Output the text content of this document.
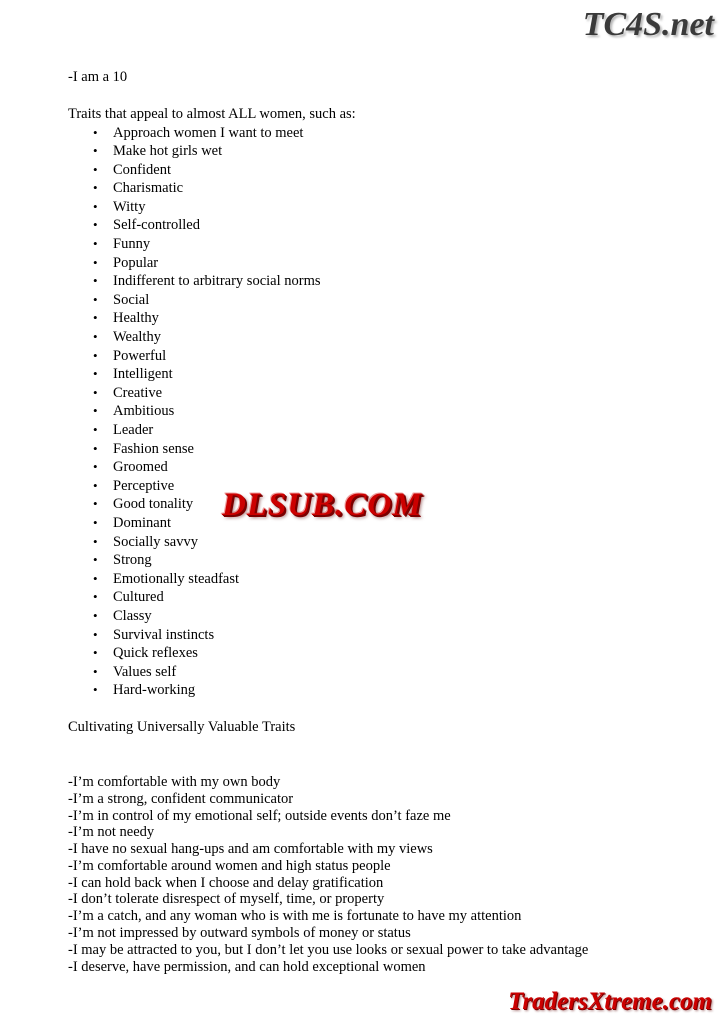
TC4S.net
-I am a 10
Traits that appeal to almost ALL women, such as:
• Approach women I want to meet
• Make hot girls wet
• Confident
• Charismatic
• Witty
• Self-controlled
• Funny
• Popular
• Indifferent to arbitrary social norms
• Social
• Healthy
• Wealthy
• Powerful
• Intelligent
• Creative
• Ambitious
• Leader
• Fashion sense
• Groomed
• Perceptive
• Good tonality
• Dominant
• Socially savvy
• Strong
• Emotionally steadfast
• Cultured
• Classy
• Survival instincts
• Quick reflexes
• Values self
• Hard-working
Cultivating Universally Valuable Traits
-I’m comfortable with my own body
-I’m a strong, confident communicator
-I’m in control of my emotional self; outside events don’t faze me
-I’m not needy
-I have no sexual hang-ups and am comfortable with my views
-I’m comfortable around women and high status people
-I can hold back when I choose and delay gratification
-I don’t tolerate disrespect of myself, time, or property
-I’m a catch, and any woman who is with me is fortunate to have my attention
-I’m not impressed by outward symbols of money or status
-I may be attracted to you, but I don’t let you use looks or sexual power to take advantage
-I deserve, have permission, and can hold exceptional women
DLSUB.COM
TradersXtreme.com
